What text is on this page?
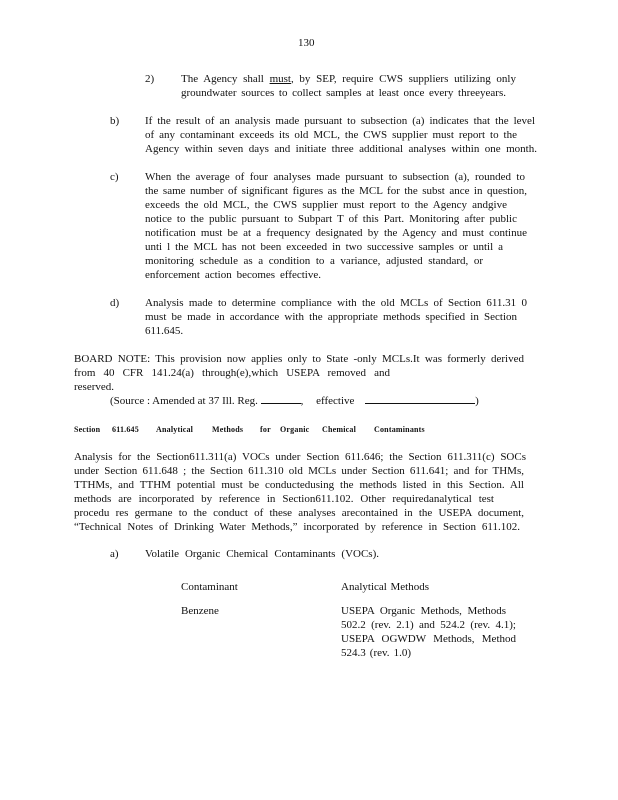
130
2) The Agency shall must, by SEP, require CWS suppliers utilizing only
groundwater sources to collect samples at least once every threeyears.
b) If the result of an analysis made pursuant to subsection (a) indicates that the level
of any contaminant exceeds its old MCL, the CWS supplier must report to the
Agency within seven days and initiate three additional analyses within one month.
c) When the average of four analyses made pursuant to subsection (a), rounded to
the same number of significant figures as the MCL for the subst ance in question,
exceeds the old MCL, the CWS supplier must report to the Agency andgive
notice to the public pursuant to Subpart T of this Part. Monitoring after public
notification must be at a frequency designated by the Agency and must continue
unti l the MCL has not been exceeded in two successive samples or until a
monitoring schedule as a condition to a variance, adjusted standard, or
enforcement action becomes effective.
d) Analysis made to determine compliance with the old MCLs of Section 611.31 0
must be made in accordance with the appropriate methods specified in Section
611.645.
BOARD NOTE: This provision now applies only to State -only MCLs.It was formerly derived
from 40 CFR 141.24(a) through(e),which USEPA removed and reserved.
(Source : Amended at 37 Ill. Reg.	, effective	)
Section 611.645 Analytical Methods for Organic Chemical Contaminants
Analysis for the Section611.311(a) VOCs under Section 611.646; the Section 611.311(c) SOCs
under Section 611.648 ; the Section 611.310 old MCLs under Section 611.641; and for THMs,
TTHMs, and TTHM potential must be conductedusing the methods listed in this Section. All
methods are incorporated by reference in Section611.102. Other requiredanalytical test
procedu res germane to the conduct of these analyses arecontained in the USEPA document,
“Technical Notes of Drinking Water Methods,” incorporated by reference in Section 611.102.
a) Volatile Organic Chemical Contaminants (VOCs).
Contaminant	Analytical Methods
Benzene	USEPA Organic Methods, Methods
502.2 (rev. 2.1) and 524.2 (rev. 4.1);
USEPA OGWDW Methods, Method
524.3 (rev. 1.0)
